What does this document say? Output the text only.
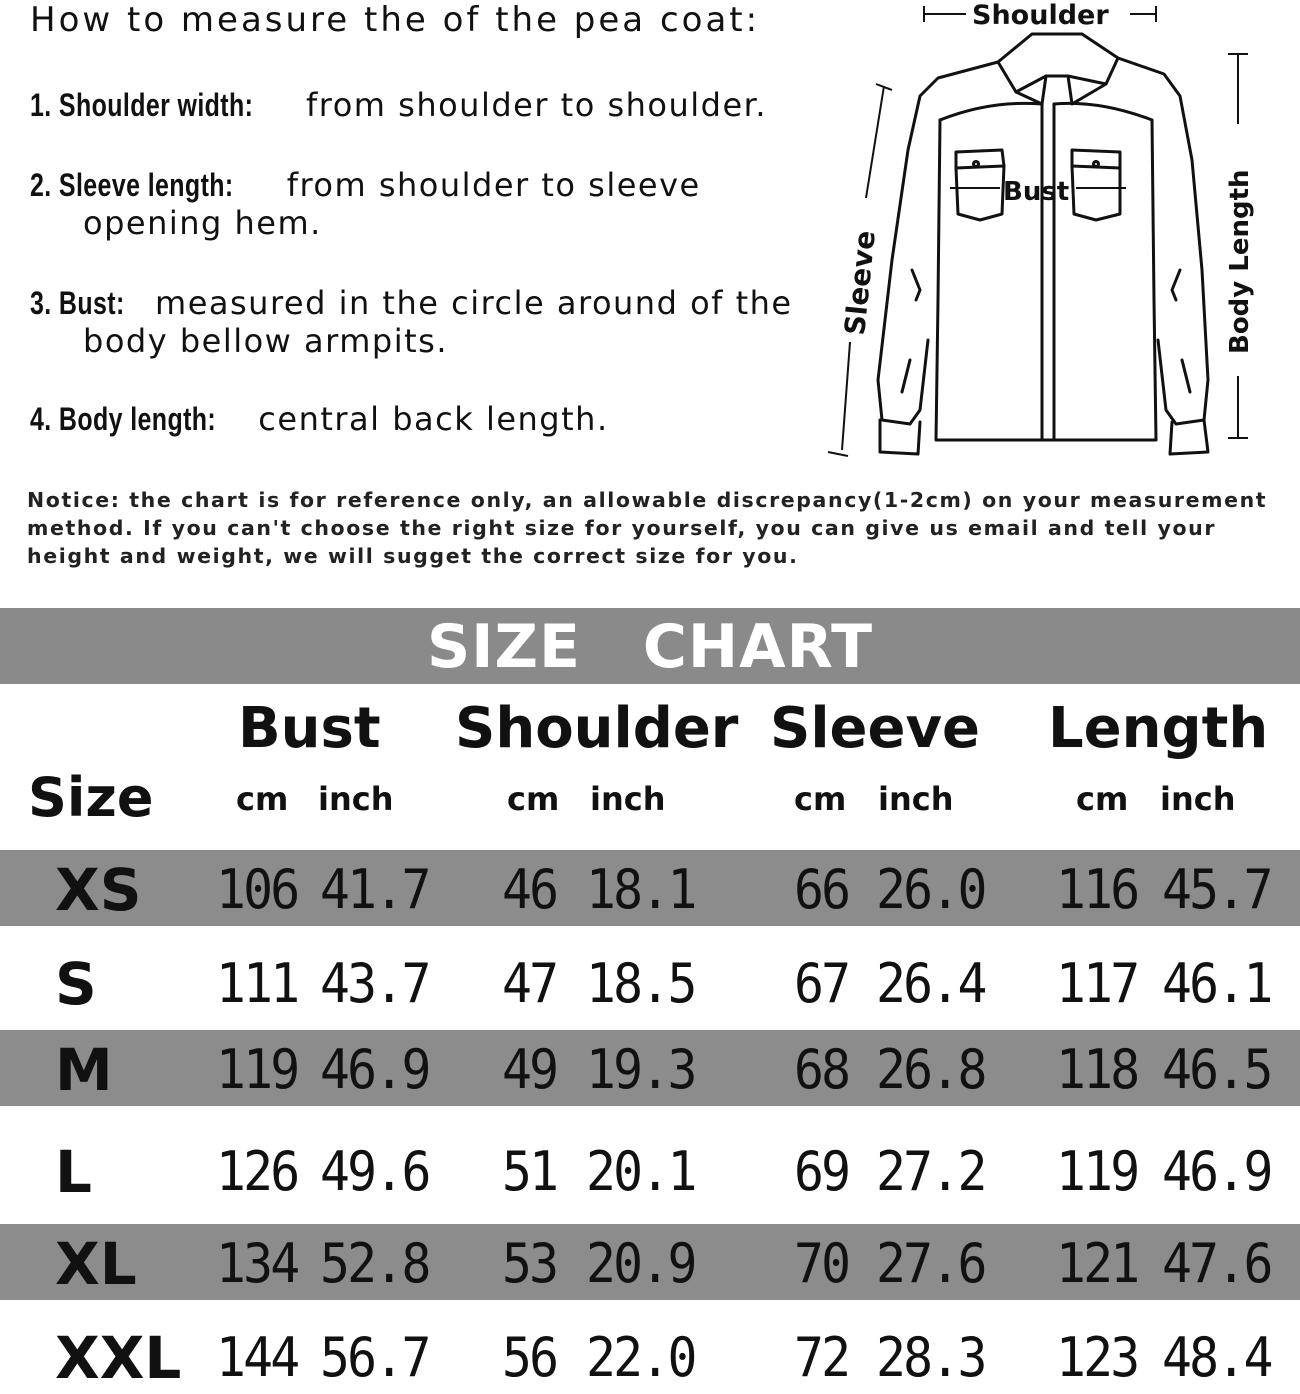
How to measure the of the pea coat:
1. Shoulder width: from shoulder to shoulder.
2. Sleeve length: from shoulder to sleeve
opening hem.
3. Bust: measured in the circle around of the
body bellow armpits.
4. Body length: central back length.
Shoulder
Bust
Sleeve	Body Length
Notice: the chart is for reference only, an allowable discrepancy(1-2cm) on your measurement method. If you can't choose the right size for yourself, you can give us email and tell your height and weight, we will sugget the correct size for you.
SIZE CHART
Size
Bust Shoulder Sleeve Length
cm inch	cm inch	cm inch	cm inch
XS 106 41.7 46 18.1 66 26.0 116 45.7
S 111 43.7 47 18.5 67 26.4 117 46.1
M 119 46.9 49 19.3 68 26.8 118 46.5
L 126 49.6 51 20.1 69 27.2 119 46.9
XL 134 52.8 53 20.9 70 27.6 121 47.6
XXL 144 56.7 56 22.0 72 28.3 123 48.4
